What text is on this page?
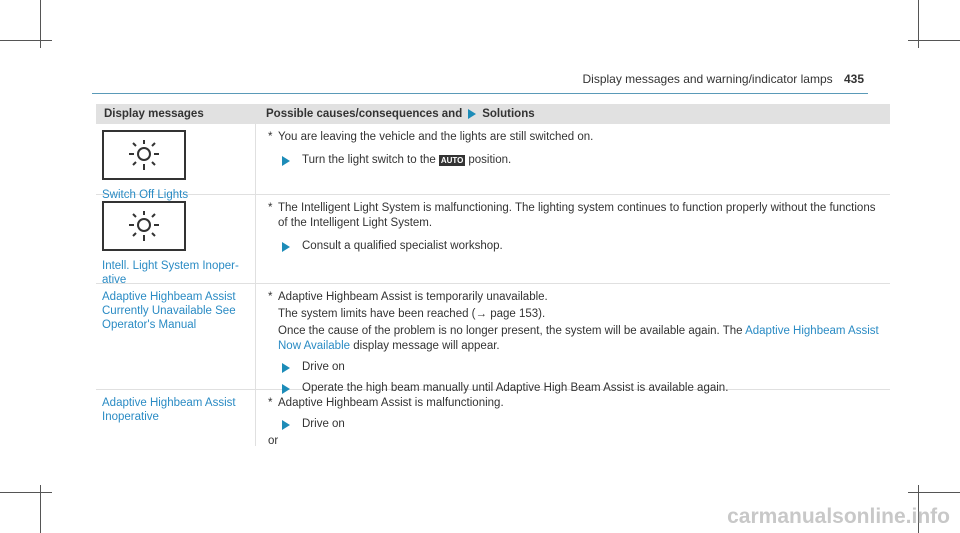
Display messages and warning/indicator lamps 435
Display messages	Possible causes/consequences and Solutions
Switch Off Lights
* You are leaving the vehicle and the lights are still switched on.
Turn the light switch to the AUTO position.
Intell. Light System Inoper- ative
* The Intelligent Light System is malfunctioning. The lighting system continues to function properly without the functions of the Intelligent Light System.
Consult a qualified specialist workshop.
Adaptive Highbeam Assist Currently Unavailable See Operator's Manual
* Adaptive Highbeam Assist is temporarily unavailable.
The system limits have been reached (→ page 153).
Once the cause of the problem is no longer present, the system will be available again. The Adaptive Highbeam Assist Now Available display message will appear.
Drive on
Operate the high beam manually until Adaptive High Beam Assist is available again.
Adaptive Highbeam Assist Inoperative
* Adaptive Highbeam Assist is malfunctioning.
Drive on
or
carmanualsonline.info
